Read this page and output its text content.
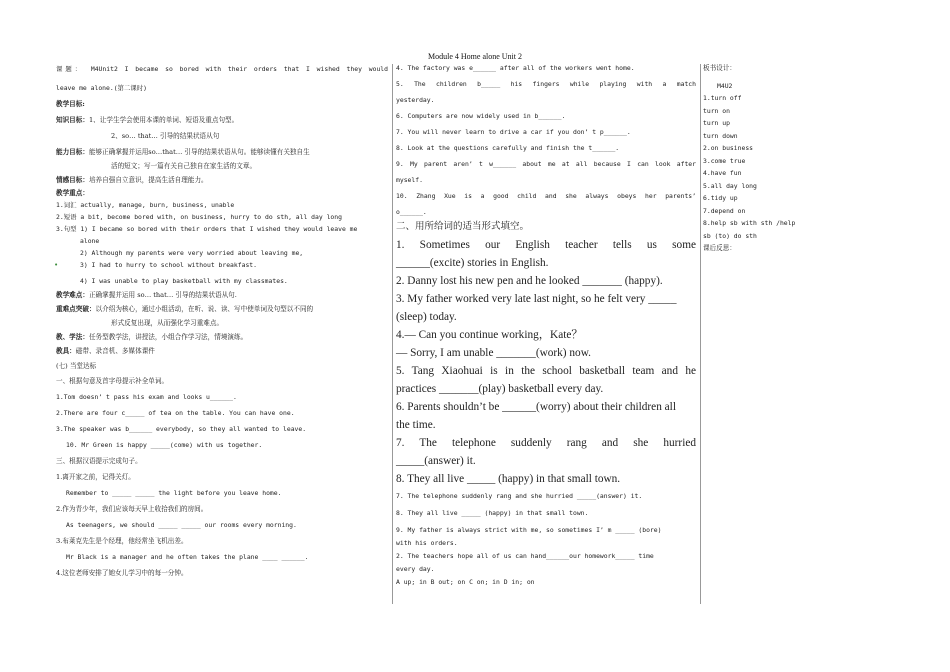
Module 4 Home alone Unit 2
课题： M4Unit2 I became so bored with their orders that I wished they would
leave me alone.(第二课时)
教学目标:
知识目标：1、让学生学会使用本课的单词、短语及重点句型。
2、so… that… 引导的结果状语从句
能力目标：能够正确掌握并运用so…that… 引导的结果状语从句。能够读懂有关独自生
活的短文；写一篇有关自己独自在家生活的文章。
情感目标：培养自强自立意识，提高生活自理能力。
教学重点：
1.词汇 actually, manage, burn, business, unable
2.短语 a bit, become bored with, on business, hurry to do sth, all day long
3.句型 1) I became so bored with their orders that I wished they would leave me
alone
2) Although my parents were very worried about leaving me,
•	3) I had to hurry to school without breakfast.
4) I was unable to play basketball with my classmates.
教学难点：正确掌握并运用 so… that… 引导的结果状语从句.
重难点突破：以介绍为核心，通过小组活动，在听、说、读、写中使单词及句型以不同的
形式反复出现，从而强化学习重难点。
教、学法：任务型教学法，讲授法，小组合作学习法，情境演练。
教具：磁带、录音机、多媒体课件
(七) 当堂达标
一、根据句意及首字母提示补全单词。
1.Tom doesn’ t pass his exam and looks u______.
2.There are four c_____ of tea on the table. You can have one.
3.The speaker was b______ everybody, so they all wanted to leave.
10. Mr Green is happy _____(come) with us together.
三、根据汉语提示完成句子。
1.离开家之前，记得关灯。
Remember to _____ _____ the light before you leave home.
2.作为青少年，我们应该每天早上收拾我们的房间。
As teenagers, we should _____ _____ our rooms every morning.
3.布莱克先生是个经理，他经常坐飞机出差。
Mr Black is a manager and he often takes the plane ____ ______.
4.这位老师安排了她女儿学习中的每一分钟。
4. The factory was e______ after all of the workers went home.
5. The children b_____ his fingers while playing with a match
yesterday.
6. Computers are now widely used in b______.
7. You will never learn to drive a car if you don’ t p______.
8. Look at the questions carefully and finish the t______.
9. My parent aren’ t w______ about me at all because I can look after
myself.
10. Zhang Xue is a good child and she always obeys her parents’
o______.
二、用所给词的适当形式填空。
1. Sometimes our English teacher tells us some
______(excite) stories in English.
2. Danny lost his new pen and he looked _______ (happy).
3. My father worked very late last night, so he felt very _____
(sleep) today.
4.— Can you continue working，Kate？
— Sorry, I am unable _______(work) now.
5. Tang Xiaohuai is in the school basketball team and he
practices _______(play) basketball every day.
6. Parents shouldn’t be ______(worry) about their children all
the time.
7. The telephone suddenly rang and she hurried
_____(answer) it.
8. They all live _____ (happy) in that small town.
7. The telephone suddenly rang and she hurried _____(answer) it.
8. They all live _____ (happy) in that small town.
9. My father is always strict with me, so sometimes I’ m _____ (bore)
with his orders.
2. The teachers hope all of us can hand______our homework_____ time
every day.
A up; in B out; on C on; in D in; on
板书设计：
M4U2
1.turn off
turn on
turn up
turn down
2.on business
3.come true
4.have fun
5.all day long
6.tidy up
7.depend on
8.help sb with sth /help
sb (to) do sth
课后反思：
